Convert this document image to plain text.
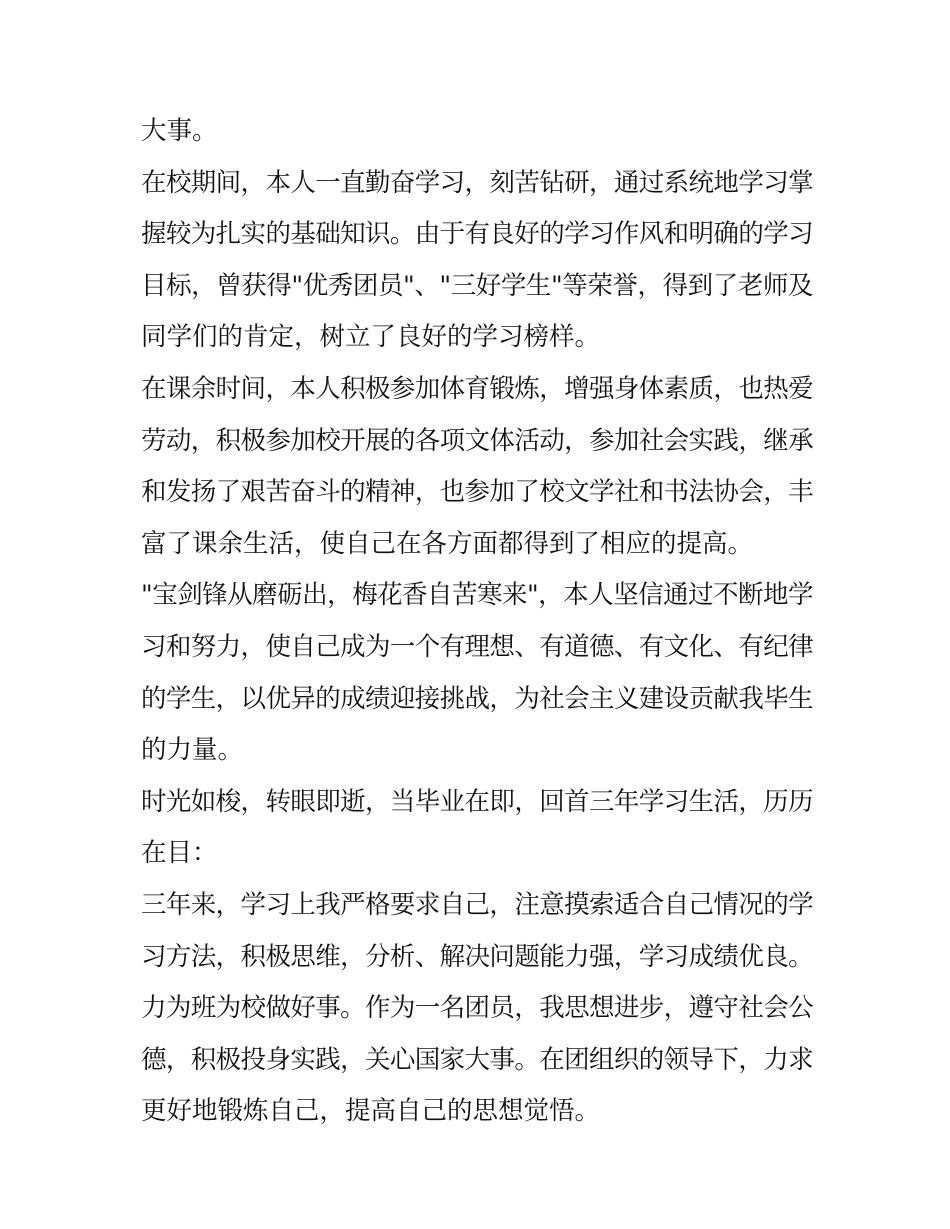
大事。
在校期间，本人一直勤奋学习，刻苦钻研，通过系统地学习掌
握较为扎实的基础知识。由于有良好的学习作风和明确的学习
目标，曾获得"优秀团员"、"三好学生"等荣誉，得到了老师及
同学们的肯定，树立了良好的学习榜样。
在课余时间，本人积极参加体育锻炼，增强身体素质，也热爱
劳动，积极参加校开展的各项文体活动，参加社会实践，继承
和发扬了艰苦奋斗的精神，也参加了校文学社和书法协会，丰
富了课余生活，使自己在各方面都得到了相应的提高。
"宝剑锋从磨砺出，梅花香自苦寒来"，本人坚信通过不断地学
习和努力，使自己成为一个有理想、有道德、有文化、有纪律
的学生，以优异的成绩迎接挑战，为社会主义建设贡献我毕生
的力量。
时光如梭，转眼即逝，当毕业在即，回首三年学习生活，历历
在目：
三年来，学习上我严格要求自己，注意摸索适合自己情况的学
习方法，积极思维，分析、解决问题能力强，学习成绩优良。
力为班为校做好事。作为一名团员，我思想进步，遵守社会公
德，积极投身实践，关心国家大事。在团组织的领导下，力求
更好地锻炼自己，提高自己的思想觉悟。
